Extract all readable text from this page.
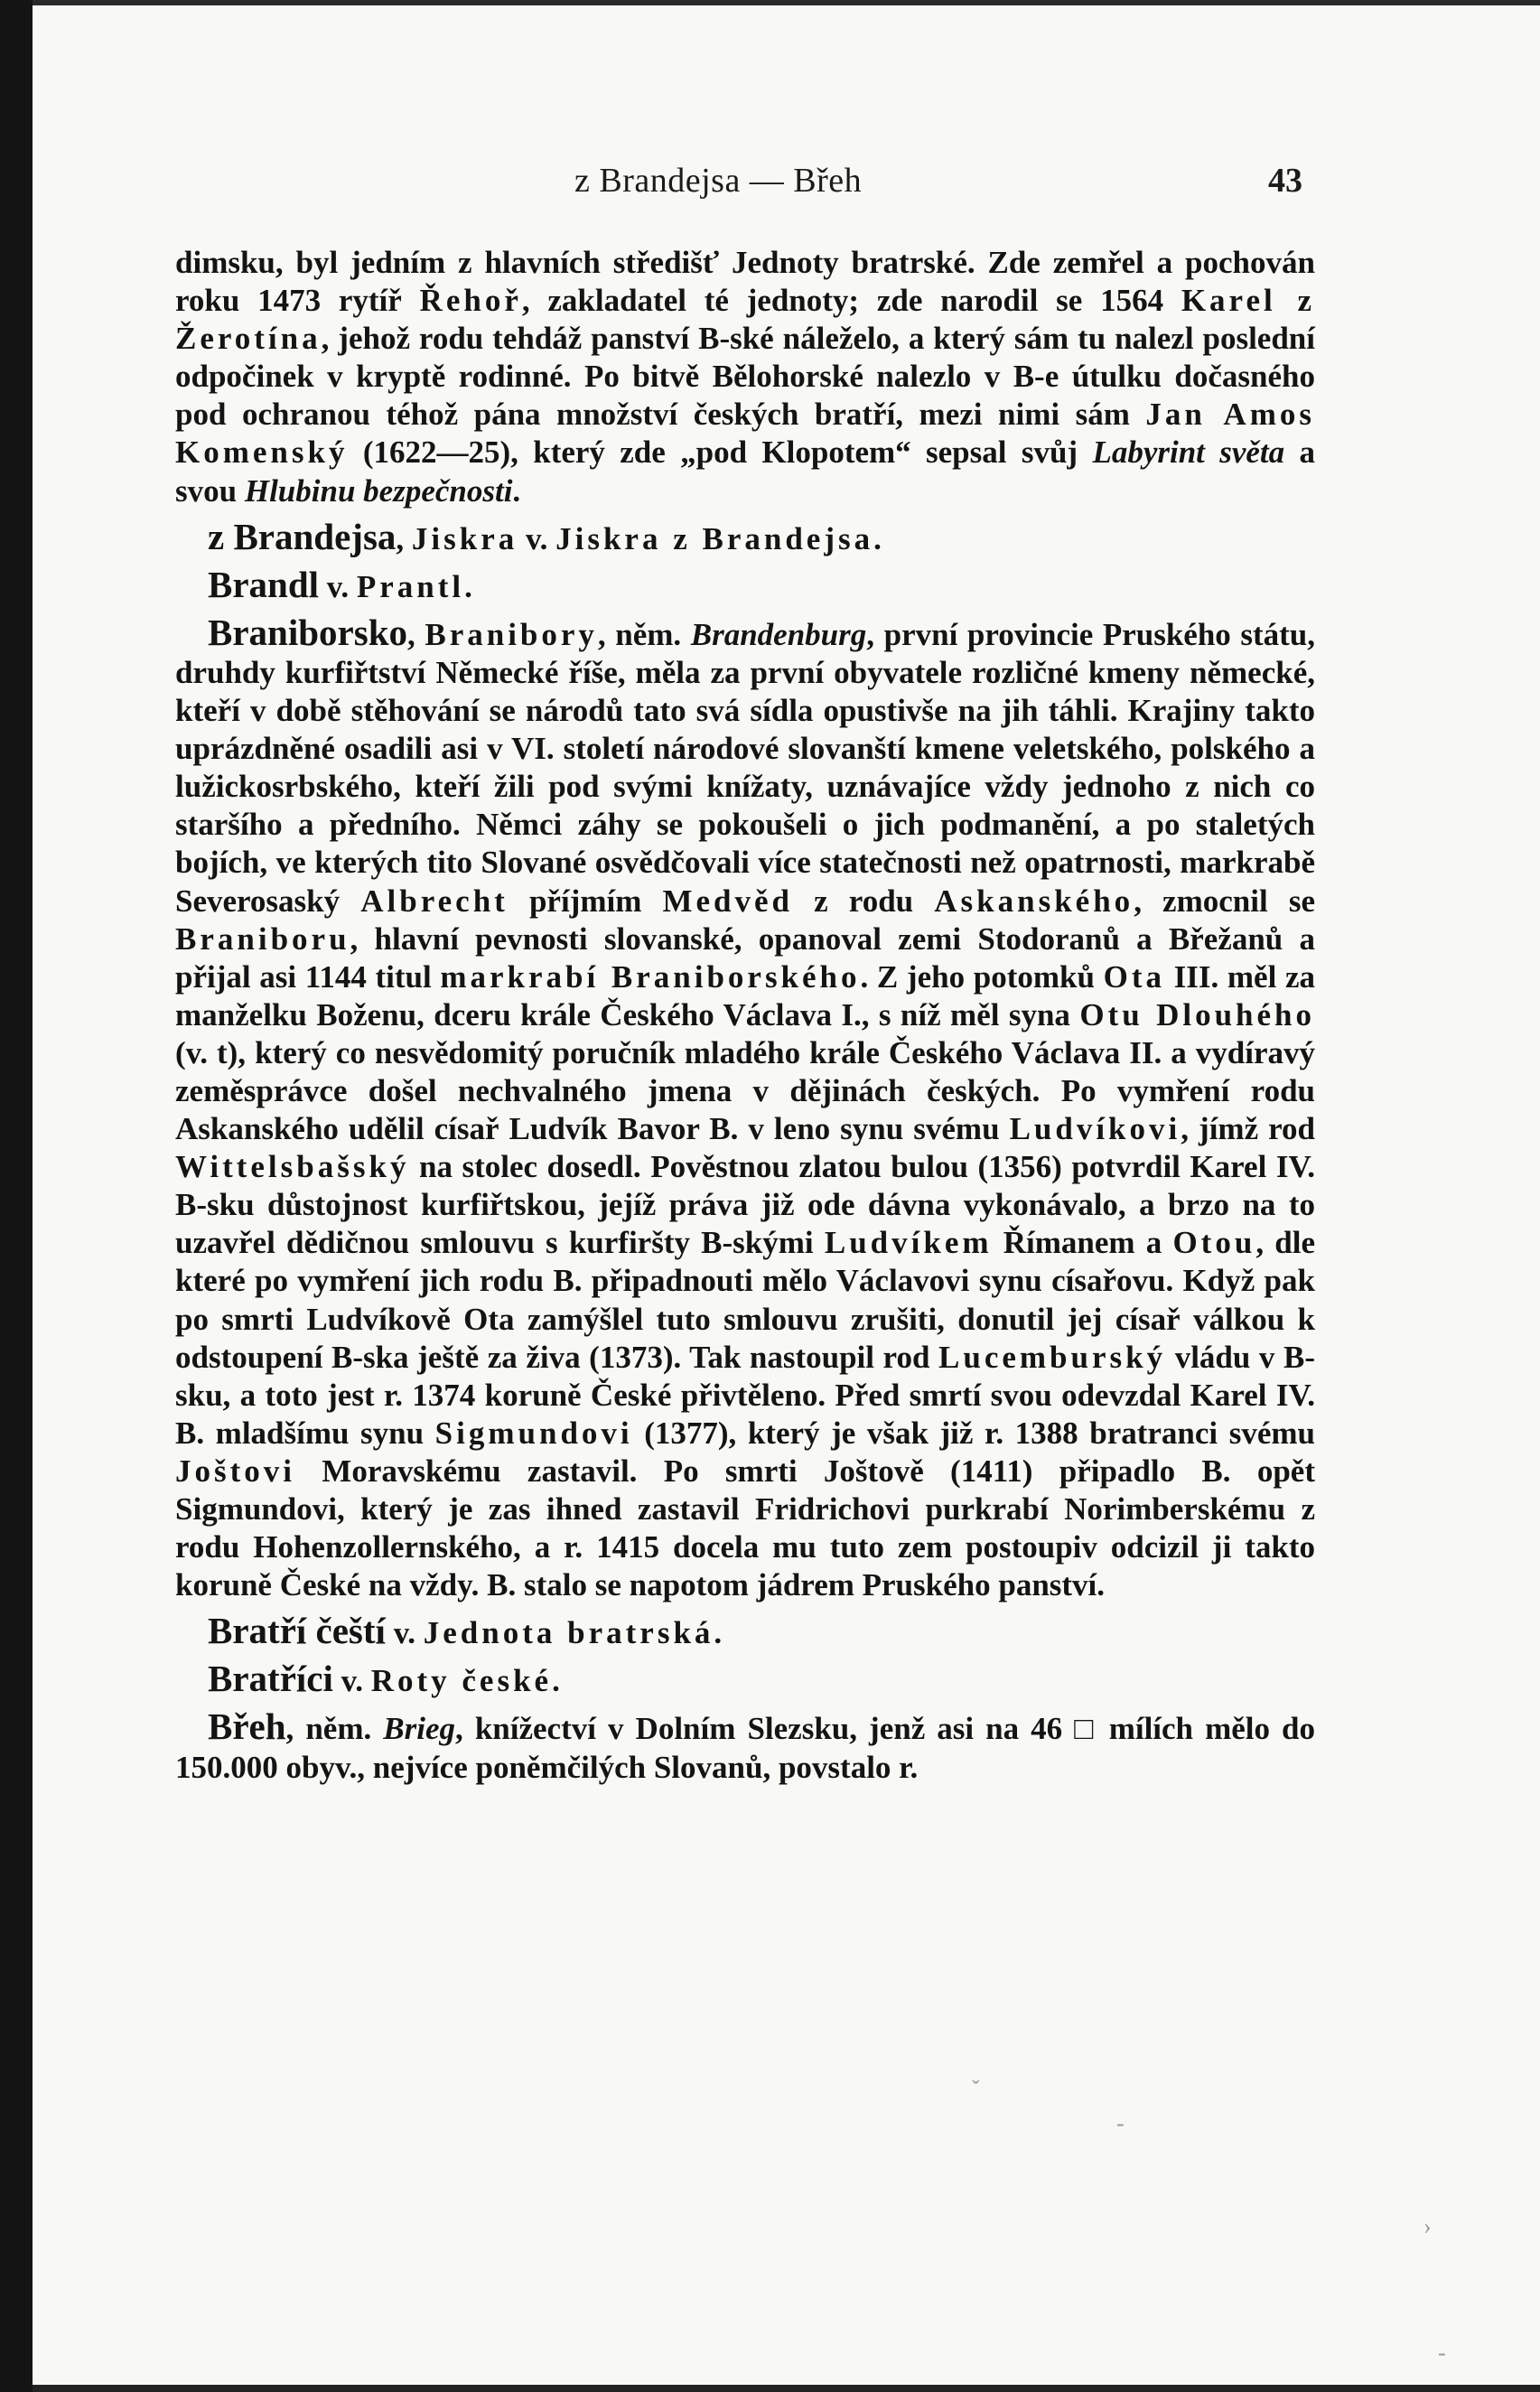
z Brandejsa — Břeh	43

dimsku, byl jedním z hlavních středišť Jednoty bratrské. Zde zemřel a pochován roku 1473 rytíř Řehoř, zakladatel té jednoty; zde narodil se 1564 Karel z Žerotína, jehož rodu tehdáž panství B-ské náleželo, a který sám tu nalezl poslední odpočinek v kryptě rodinné. Po bitvě Bělohorské nalezlo v B-e útulku dočasného pod ochranou téhož pána množství českých bratří, mezi nimi sám Jan Amos Komenský (1622—25), který zde „pod Klopotem“ sepsal svůj Labyrint světa a svou Hlubinu bezpečnosti.

z Brandejsa, Jiskra v. Jiskra z Brandejsa.

Brandl v. Prantl.

Braniborsko, Branibory, něm. Brandenburg, první provincie Pruského státu, druhdy kurfiřtství Německé říše, měla za první obyvatele rozličné kmeny německé, kteří v době stěhování se národů tato svá sídla opustivše na jih táhli. Krajiny takto uprázdněné osadili asi v VI. století národové slovanští kmene veletského, polského a lužickosrbského, kteří žili pod svými knížaty, uznávajíce vždy jednoho z nich co staršího a předního. Němci záhy se pokoušeli o jich podmanění, a po staletých bojích, ve kterých tito Slované osvědčovali více statečnosti než opatrnosti, markrabě Severosaský Albrecht příjmím Medvěd z rodu Askanského, zmocnil se Braniboru, hlavní pevnosti slovanské, opanoval zemi Stodoranů a Břežanů a přijal asi 1144 titul markrabí Braniborského. Z jeho potomků Ota III. měl za manželku Boženu, dceru krále Českého Václava I., s níž měl syna Otu Dlouhého (v. t), který co nesvědomitý poručník mladého krále Českého Václava II. a vydíravý zeměsprávce došel nechvalného jmena v dějinách českých. Po vymření rodu Askanského udělil císař Ludvík Bavor B. v leno synu svému Ludvíkovi, jímž rod Wittelsbašský na stolec dosedl. Pověstnou zlatou bulou (1356) potvrdil Karel IV. B-sku důstojnost kurfiřtskou, jejíž práva již ode dávna vykonávalo, a brzo na to uzavřel dědičnou smlouvu s kurfiršty B-skými Ludvíkem Římanem a Otou, dle které po vymření jich rodu B. připadnouti mělo Václavovi synu císařovu. Když pak po smrti Ludvíkově Ota zamýšlel tuto smlouvu zrušiti, donutil jej císař válkou k odstoupení B-ska ještě za živa (1373). Tak nastoupil rod Lucemburský vládu v B-sku, a toto jest r. 1374 koruně České přivtěleno. Před smrtí svou odevzdal Karel IV. B. mladšímu synu Sigmundovi (1377), který je však již r. 1388 bratranci svému Joštovi Moravskému zastavil. Po smrti Joštově (1411) připadlo B. opět Sigmundovi, který je zas ihned zastavil Fridrichovi purkrabí Norimberskému z rodu Hohenzollernského, a r. 1415 docela mu tuto zem postoupiv odcizil ji takto koruně České na vždy. B. stalo se napotom jádrem Pruského panství.

Bratří čeští v. Jednota bratrská.

Bratříci v. Roty české.

Břeh, něm. Brieg, knížectví v Dolním Slezsku, jenž asi na 46 □ mílích mělo do 150.000 obyv., nejvíce poněmčilých Slovanů, povstalo r.

ˇ
-
›
-
